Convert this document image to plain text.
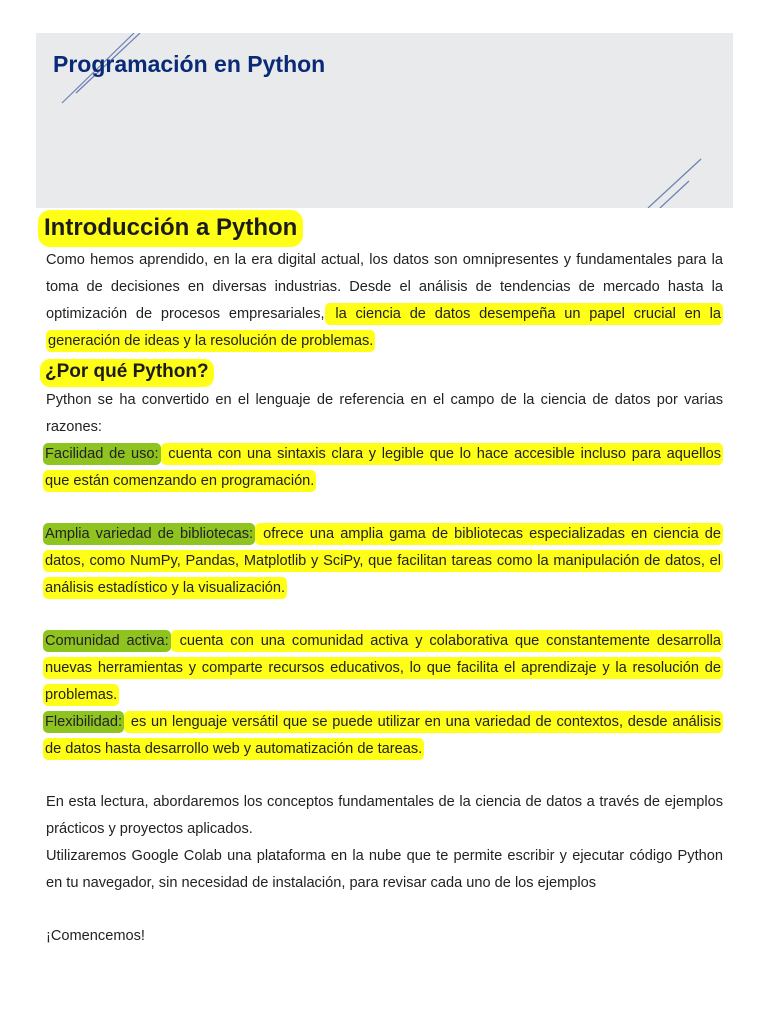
Programación en Python
Introducción a Python

Como hemos aprendido, en la era digital actual, los datos son omnipresentes y fundamentales para la toma de decisiones en diversas industrias. Desde el análisis de tendencias de mercado hasta la optimización de procesos empresariales, la ciencia de datos desempeña un papel crucial en la generación de ideas y la resolución de problemas.

¿Por qué Python?

Python se ha convertido en el lenguaje de referencia en el campo de la ciencia de datos por varias razones:

Facilidad de uso: cuenta con una sintaxis clara y legible que lo hace accesible incluso para aquellos que están comenzando en programación.

Amplia variedad de bibliotecas: ofrece una amplia gama de bibliotecas especializadas en ciencia de datos, como NumPy, Pandas, Matplotlib y SciPy, que facilitan tareas como la manipulación de datos, el análisis estadístico y la visualización.

Comunidad activa: cuenta con una comunidad activa y colaborativa que constantemente desarrolla nuevas herramientas y comparte recursos educativos, lo que facilita el aprendizaje y la resolución de problemas.

Flexibilidad: es un lenguaje versátil que se puede utilizar en una variedad de contextos, desde análisis de datos hasta desarrollo web y automatización de tareas.

En esta lectura, abordaremos los conceptos fundamentales de la ciencia de datos a través de ejemplos prácticos y proyectos aplicados.

Utilizaremos Google Colab una plataforma en la nube que te permite escribir y ejecutar código Python en tu navegador, sin necesidad de instalación, para revisar cada uno de los ejemplos

¡Comencemos!
